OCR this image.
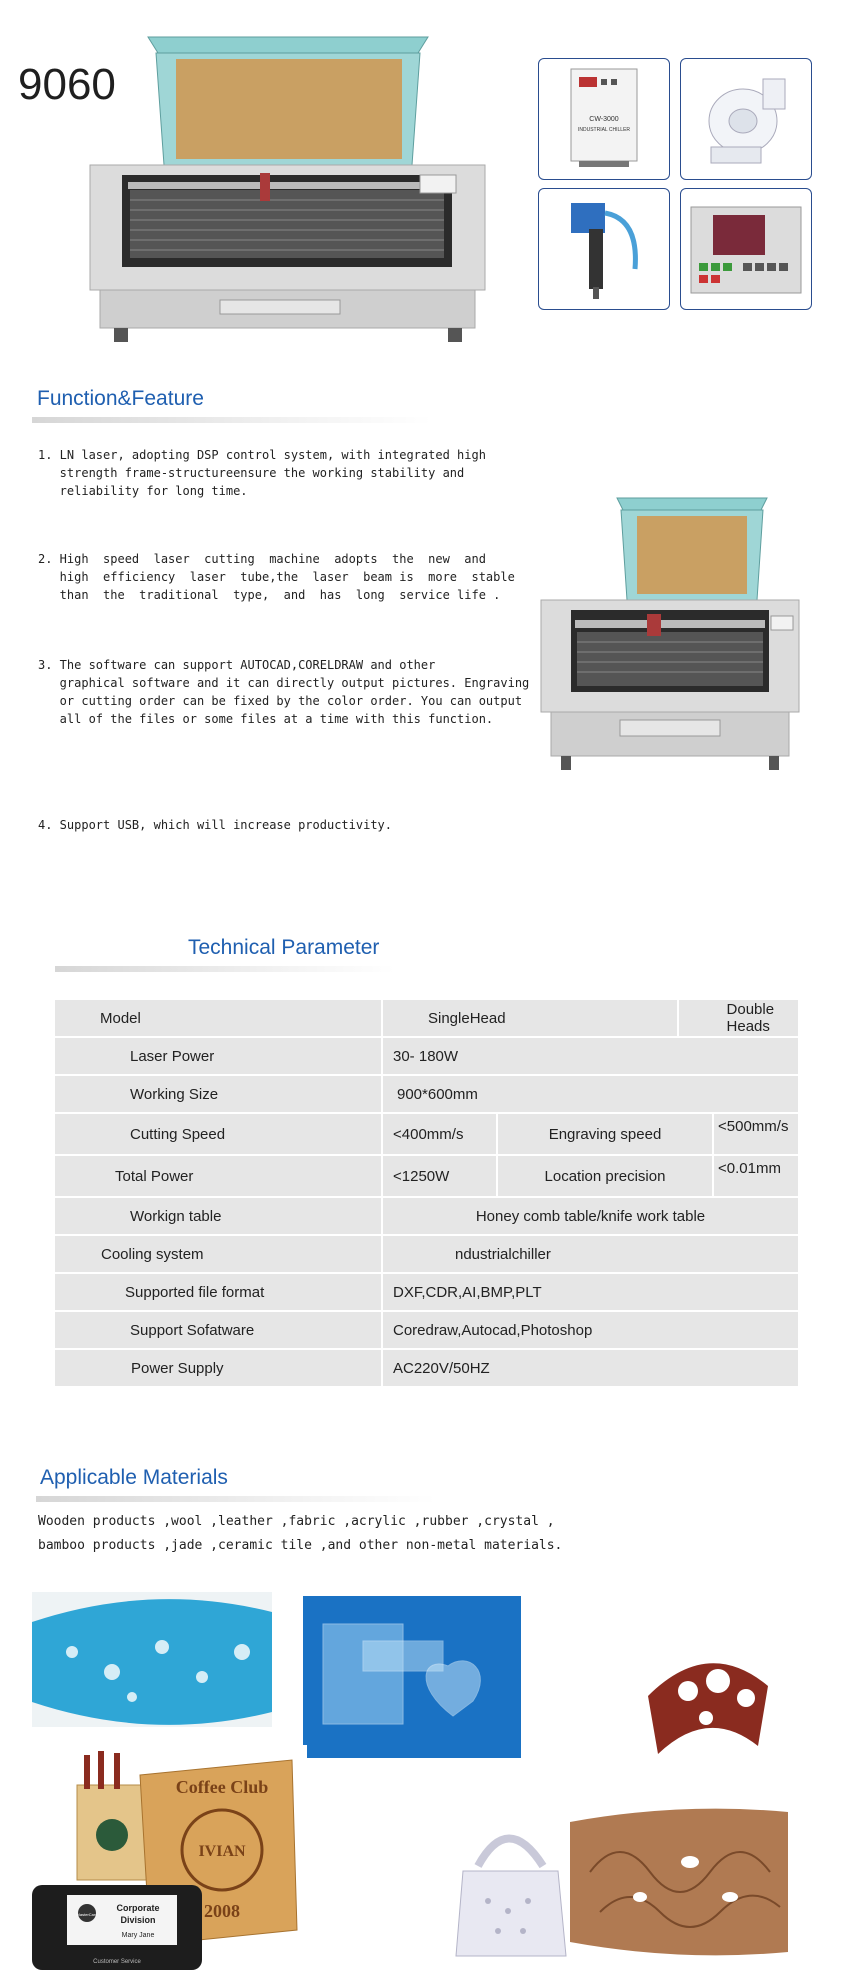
9060
CW-3000
INDUSTRIAL CHILLER
Function&Feature
1. LN laser, adopting DSP control system, with integrated high
strength frame-structureensure the working stability and
reliability for long time.
2. High  speed  laser  cutting  machine  adopts  the  new  and
high  efficiency  laser  tube,the  laser  beam is  more  stable
than  the  traditional  type,  and  has  long  service life .
3. The software can support AUTOCAD,CORELDRAW and other
graphical software and it can directly output pictures. Engraving
or cutting order can be fixed by the color order. You can output
all of the files or some files at a time with this function.
4. Support USB, which will increase productivity.
Technical Parameter
Model	SingleHead		Double Heads	
Laser Power	30- 180W			
Working Size	900*600mm			
Cutting Speed	<400mm/s	Engraving speed		<500mm/s
Total Power	<1250W	Location precision		<0.01mm
Workign table	Honey comb table/knife work table			
Cooling system	ndustrialchiller			
Supported file format	DXF,CDR,AI,BMP,PLT			
Support Sofatware	Coredraw,Autocad,Photoshop			
Power Supply	AC220V/50HZ			
Applicable Materials
Wooden products ,wool ,leather ,fabric ,acrylic ,rubber ,crystal ,
bamboo products ,jade ,ceramic tile ,and other non-metal materials.
Coffee Club
IVIAN
2008
Corporate
Division
Mary Jane
MasterCard
Customer Service
